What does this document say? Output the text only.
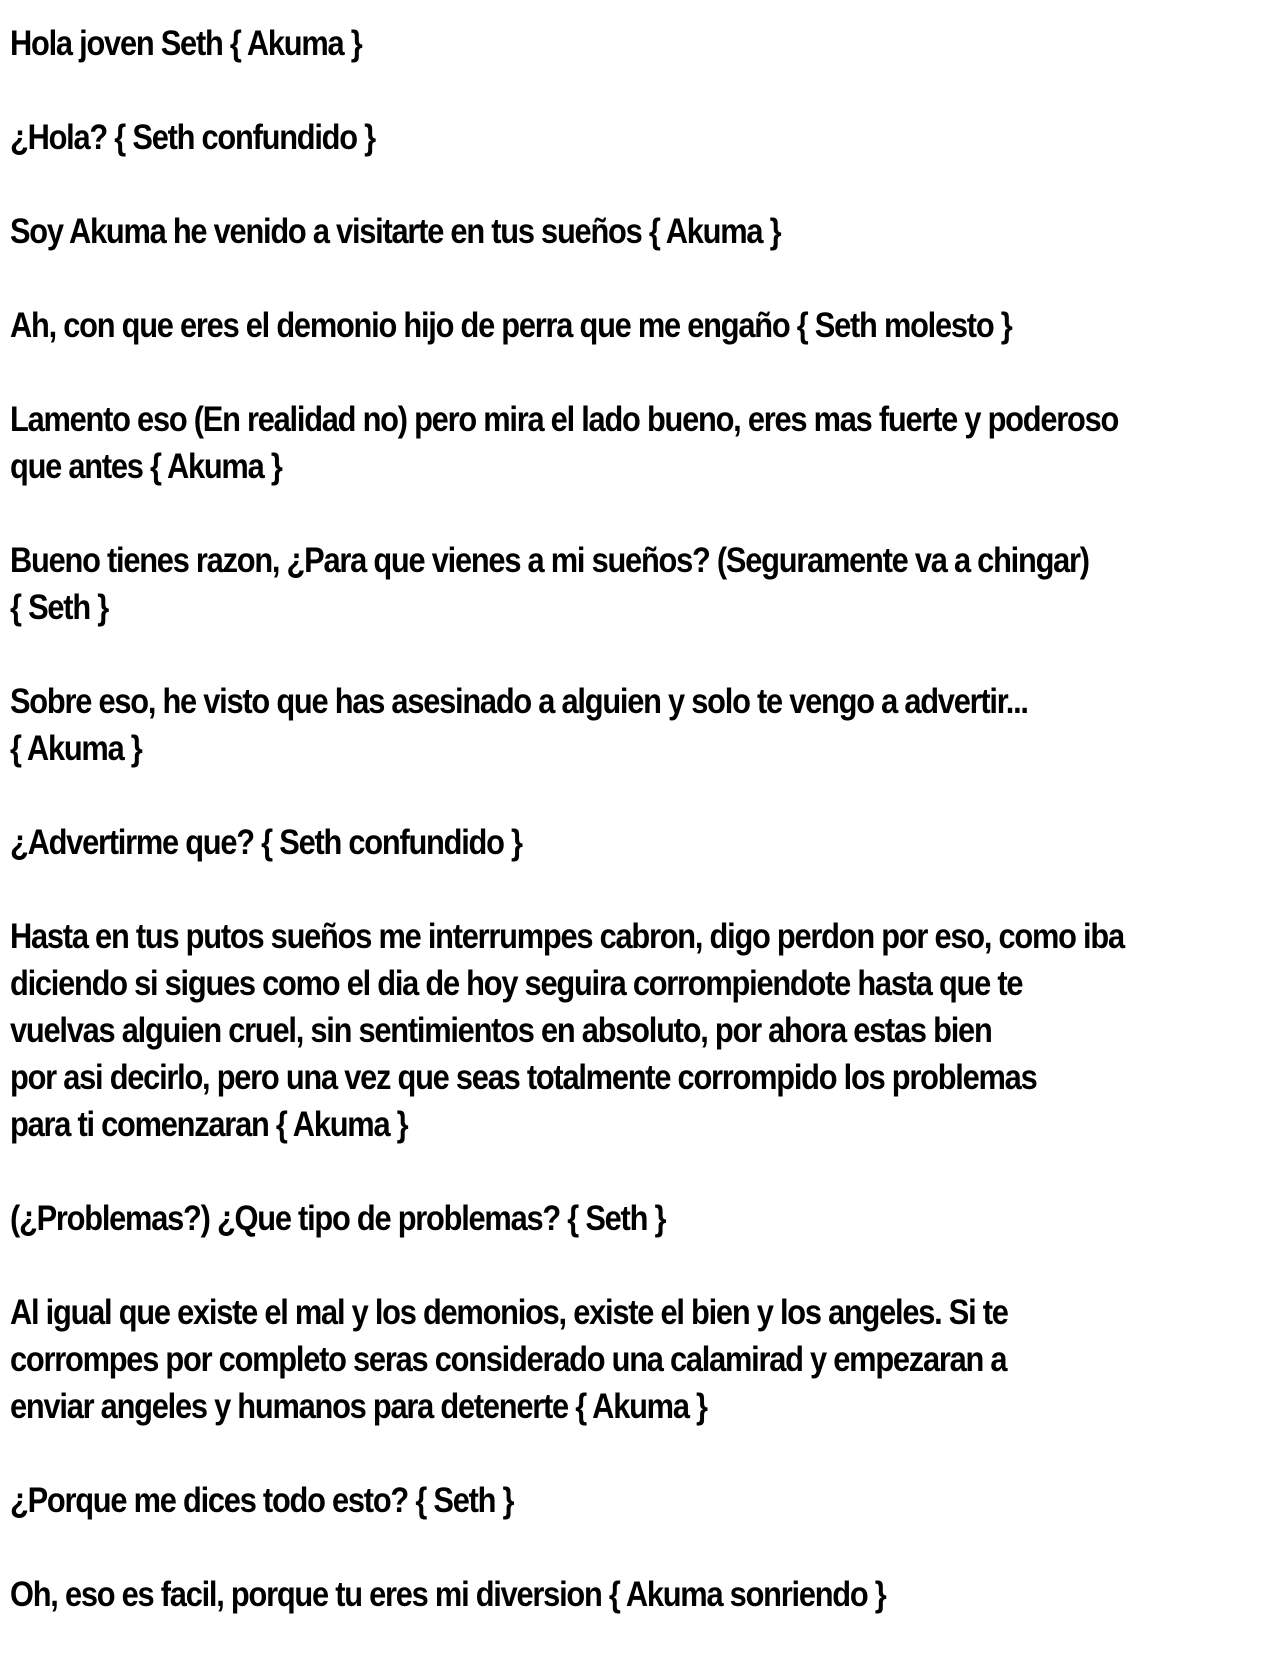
Hola joven Seth { Akuma }
¿Hola? { Seth confundido }
Soy Akuma he venido a visitarte en tus sueños { Akuma }
Ah, con que eres el demonio hijo de perra que me engaño { Seth molesto }
Lamento eso (En realidad no) pero mira el lado bueno, eres mas fuerte y poderoso
que antes { Akuma }
Bueno tienes razon, ¿Para que vienes a mi sueños? (Seguramente va a chingar)
{ Seth }
Sobre eso, he visto que has asesinado a alguien y solo te vengo a advertir...
{ Akuma }
¿Advertirme que? { Seth confundido }
Hasta en tus putos sueños me interrumpes cabron, digo perdon por eso, como iba
diciendo si sigues como el dia de hoy seguira corrompiendote hasta que te
vuelvas alguien cruel, sin sentimientos en absoluto, por ahora estas bien
por asi decirlo, pero una vez que seas totalmente corrompido los problemas
para ti comenzaran { Akuma }
(¿Problemas?) ¿Que tipo de problemas? { Seth }
Al igual que existe el mal y los demonios, existe el bien y los angeles. Si te
corrompes por completo seras considerado una calamirad y empezaran a
enviar angeles y humanos para detenerte { Akuma }
¿Porque me dices todo esto? { Seth }
Oh, eso es facil, porque tu eres mi diversion { Akuma sonriendo }
